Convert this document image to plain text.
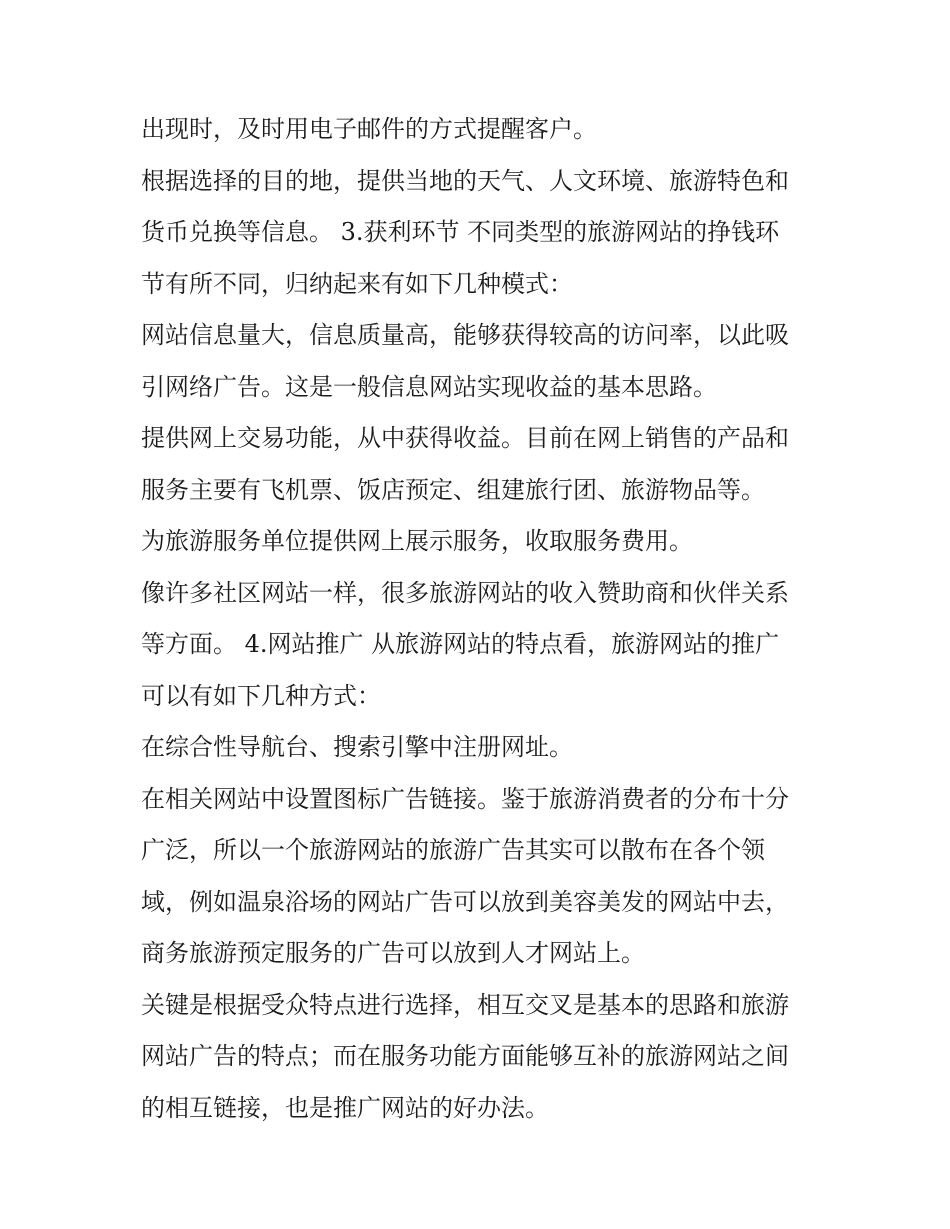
出现时，及时用电子邮件的方式提醒客户。

根据选择的目的地，提供当地的天气、人文环境、旅游特色和
货币兑换等信息。 3.获利环节 不同类型的旅游网站的挣钱环
节有所不同，归纳起来有如下几种模式：

网站信息量大，信息质量高，能够获得较高的访问率，以此吸
引网络广告。这是一般信息网站实现收益的基本思路。

提供网上交易功能，从中获得收益。目前在网上销售的产品和
服务主要有飞机票、饭店预定、组建旅行团、旅游物品等。

为旅游服务单位提供网上展示服务，收取服务费用。

像许多社区网站一样，很多旅游网站的收入赞助商和伙伴关系
等方面。 4.网站推广 从旅游网站的特点看，旅游网站的推广
可以有如下几种方式：

在综合性导航台、搜索引擎中注册网址。

在相关网站中设置图标广告链接。鉴于旅游消费者的分布十分
广泛，所以一个旅游网站的旅游广告其实可以散布在各个领
域，例如温泉浴场的网站广告可以放到美容美发的网站中去，
商务旅游预定服务的广告可以放到人才网站上。

关键是根据受众特点进行选择，相互交叉是基本的思路和旅游
网站广告的特点；而在服务功能方面能够互补的旅游网站之间
的相互链接，也是推广网站的好办法。
